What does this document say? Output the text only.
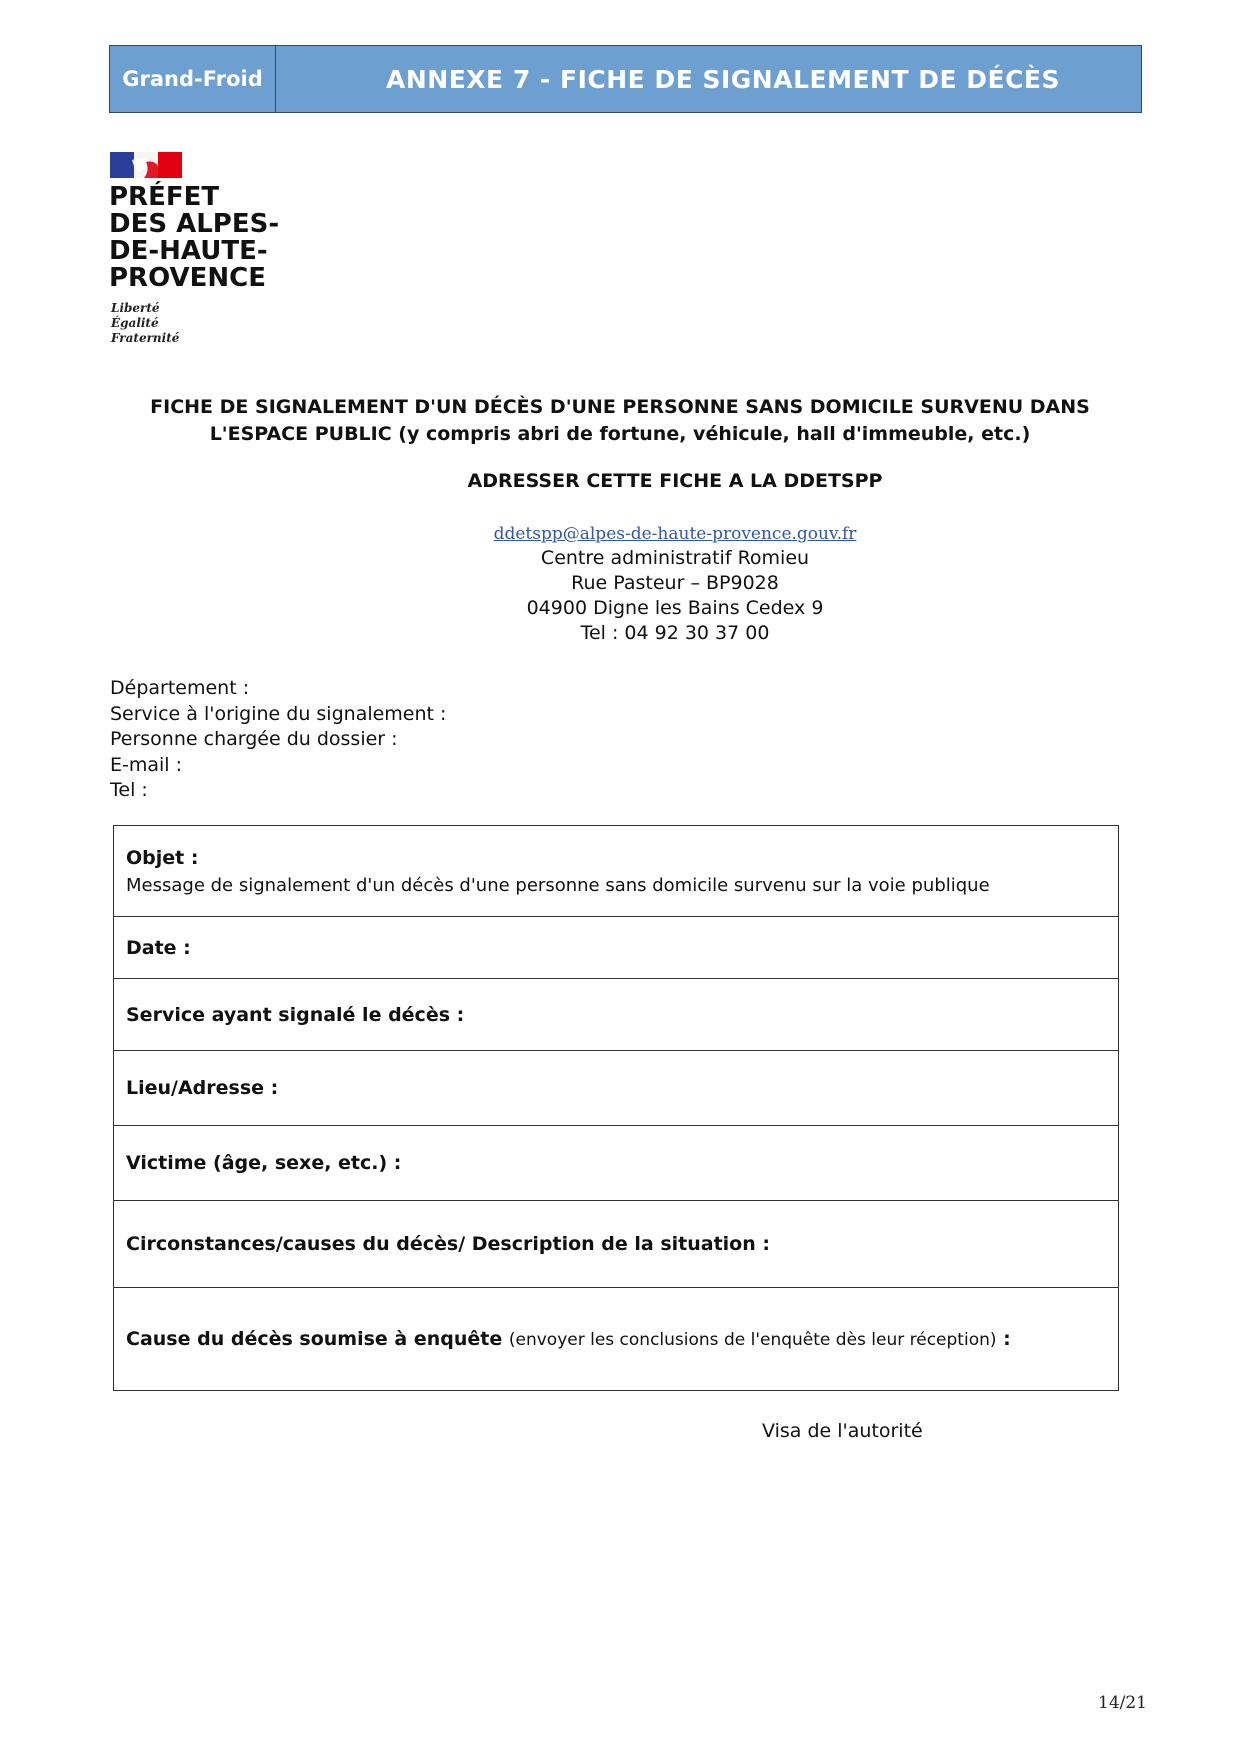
Grand-Froid	ANNEXE 7 - FICHE DE SIGNALEMENT DE DÉCÈS
PRÉFET
DES ALPES-
DE-HAUTE-
PROVENCE
Liberté
Égalité
Fraternité
FICHE DE SIGNALEMENT D'UN DÉCÈS D'UNE PERSONNE SANS DOMICILE SURVENU DANS
L'ESPACE PUBLIC (y compris abri de fortune, véhicule, hall d'immeuble, etc.)
ADRESSER CETTE FICHE A LA DDETSPP
ddetspp@alpes-de-haute-provence.gouv.fr
Centre administratif Romieu
Rue Pasteur – BP9028
04900 Digne les Bains Cedex 9
Tel : 04 92 30 37 00
Département :
Service à l'origine du signalement :
Personne chargée du dossier :
E-mail :
Tel :
Objet :
Message de signalement d'un décès d'une personne sans domicile survenu sur la voie publique
Date :
Service ayant signalé le décès :
Lieu/Adresse :
Victime (âge, sexe, etc.) :
Circonstances/causes du décès/ Description de la situation :
Cause du décès soumise à enquête (envoyer les conclusions de l'enquête dès leur réception) :
Visa de l'autorité
14/21
